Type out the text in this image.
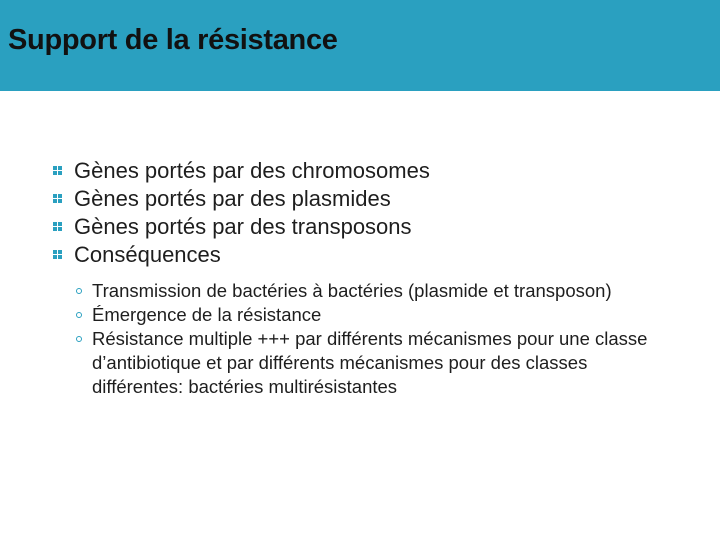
Support de la résistance
Gènes portés par des chromosomes
Gènes portés par des plasmides
Gènes portés par des transposons
Conséquences
Transmission de bactéries à bactéries (plasmide et transposon)
Émergence de la résistance
Résistance multiple +++ par différents mécanismes pour une classe d’antibiotique et par différents mécanismes pour des classes différentes: bactéries multirésistantes
